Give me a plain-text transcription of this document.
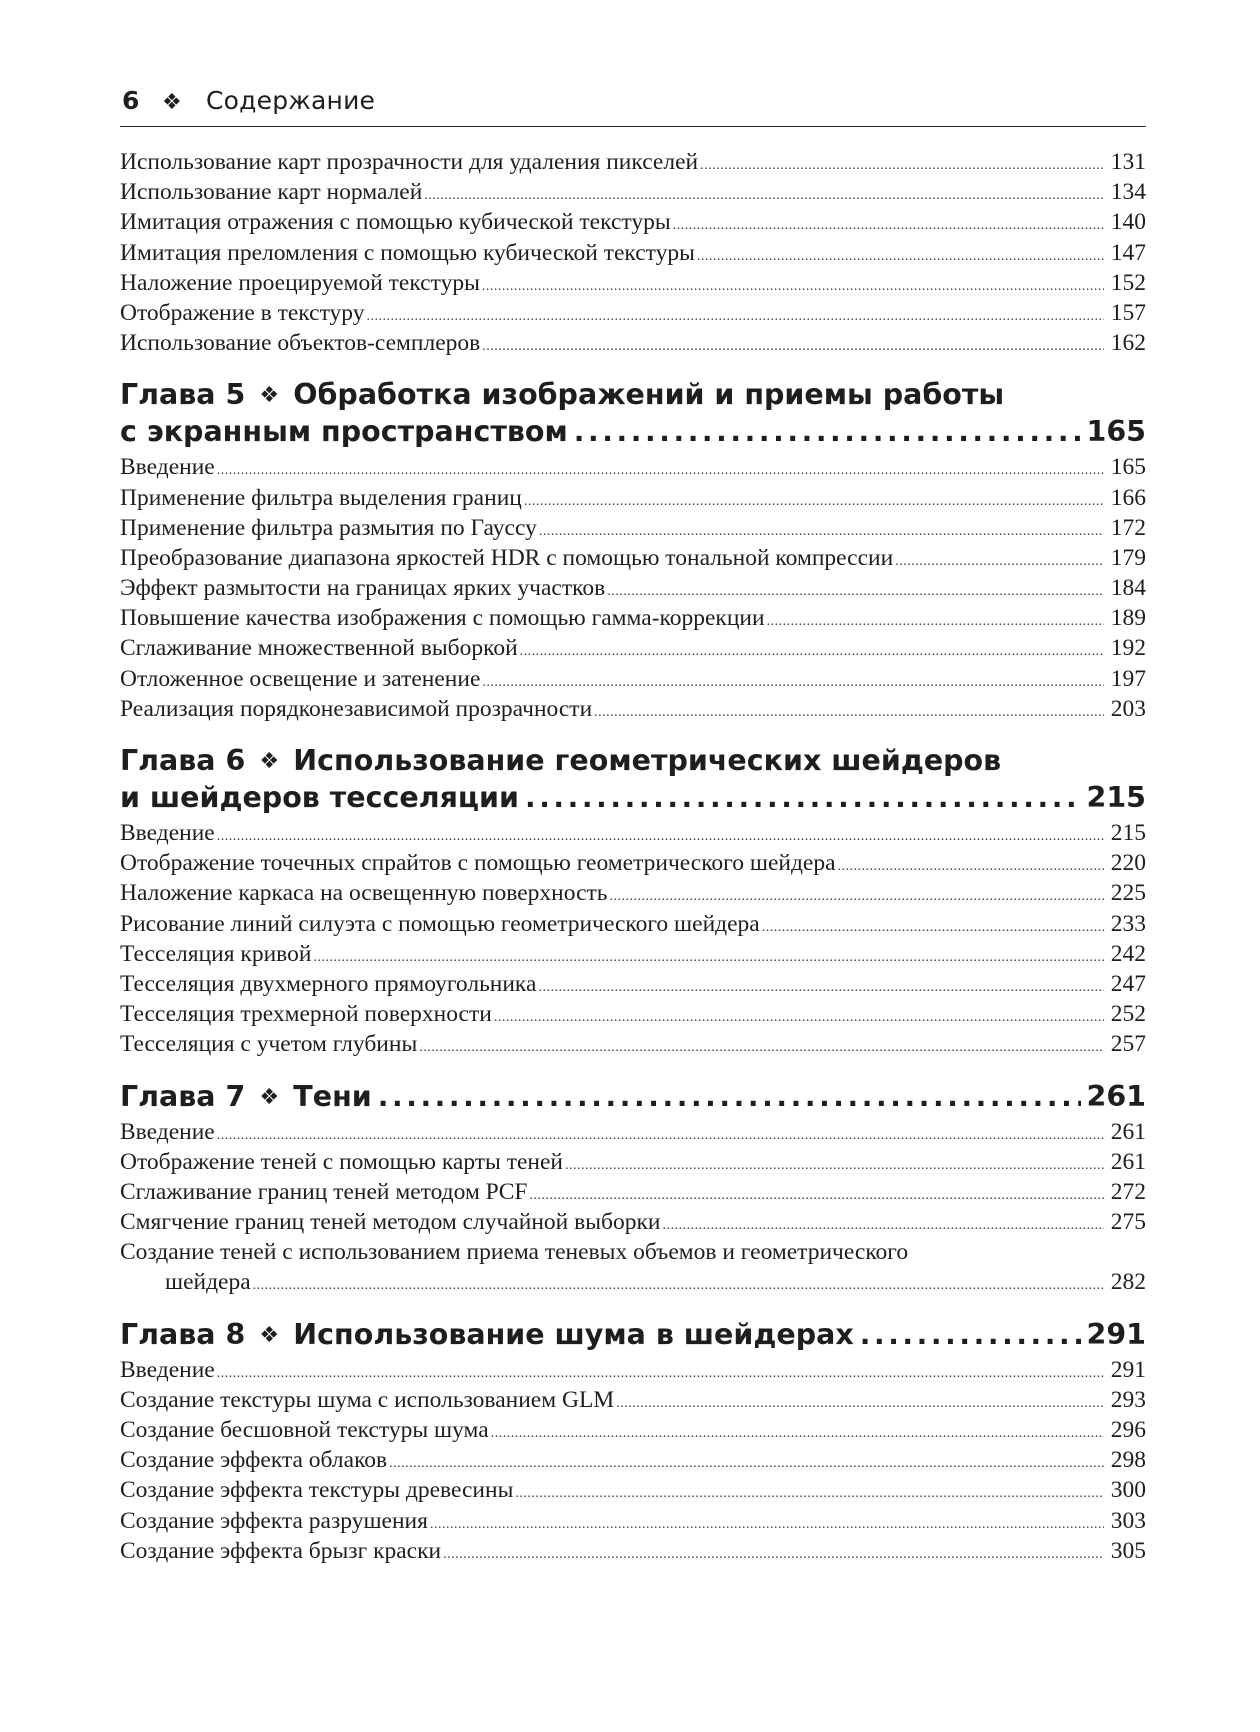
6	❖ Содержание
Использование карт прозрачности для удаления пикселей .....	131
Использование карт нормалей .....	134
Имитация отражения с помощью кубической текстуры .....	140
Имитация преломления с помощью кубической текстуры .....	147
Наложение проецируемой текстуры .....	152
Отображение в текстуру .....	157
Использование объектов-семплеров .....	162
Глава 5 ❖ Обработка изображений и приемы работы
с экранным пространством .....	165
Введение .....	165
Применение фильтра выделения границ .....	166
Применение фильтра размытия по Гауссу .....	172
Преобразование диапазона яркостей HDR с помощью тональной компрессии .....	179
Эффект размытости на границах ярких участков .....	184
Повышение качества изображения с помощью гамма-коррекции .....	189
Сглаживание множественной выборкой .....	192
Отложенное освещение и затенение .....	197
Реализация порядконезависимой прозрачности .....	203
Глава 6 ❖ Использование геометрических шейдеров
и шейдеров тесселяции .....	215
Введение .....	215
Отображение точечных спрайтов с помощью геометрического шейдера .....	220
Наложение каркаса на освещенную поверхность .....	225
Рисование линий силуэта с помощью геометрического шейдера .....	233
Тесселяция кривой .....	242
Тесселяция двухмерного прямоугольника .....	247
Тесселяция трехмерной поверхности .....	252
Тесселяция с учетом глубины .....	257
Глава 7 ❖ Тени .....	261
Введение .....	261
Отображение теней с помощью карты теней .....	261
Сглаживание границ теней методом PCF .....	272
Смягчение границ теней методом случайной выборки .....	275
Создание теней с использованием приема теневых объемов и геометрического
шейдера .....	282
Глава 8 ❖ Использование шума в шейдерах .....	291
Введение .....	291
Создание текстуры шума с использованием GLM .....	293
Создание бесшовной текстуры шума .....	296
Создание эффекта облаков .....	298
Создание эффекта текстуры древесины .....	300
Создание эффекта разрушения .....	303
Создание эффекта брызг краски .....	305
